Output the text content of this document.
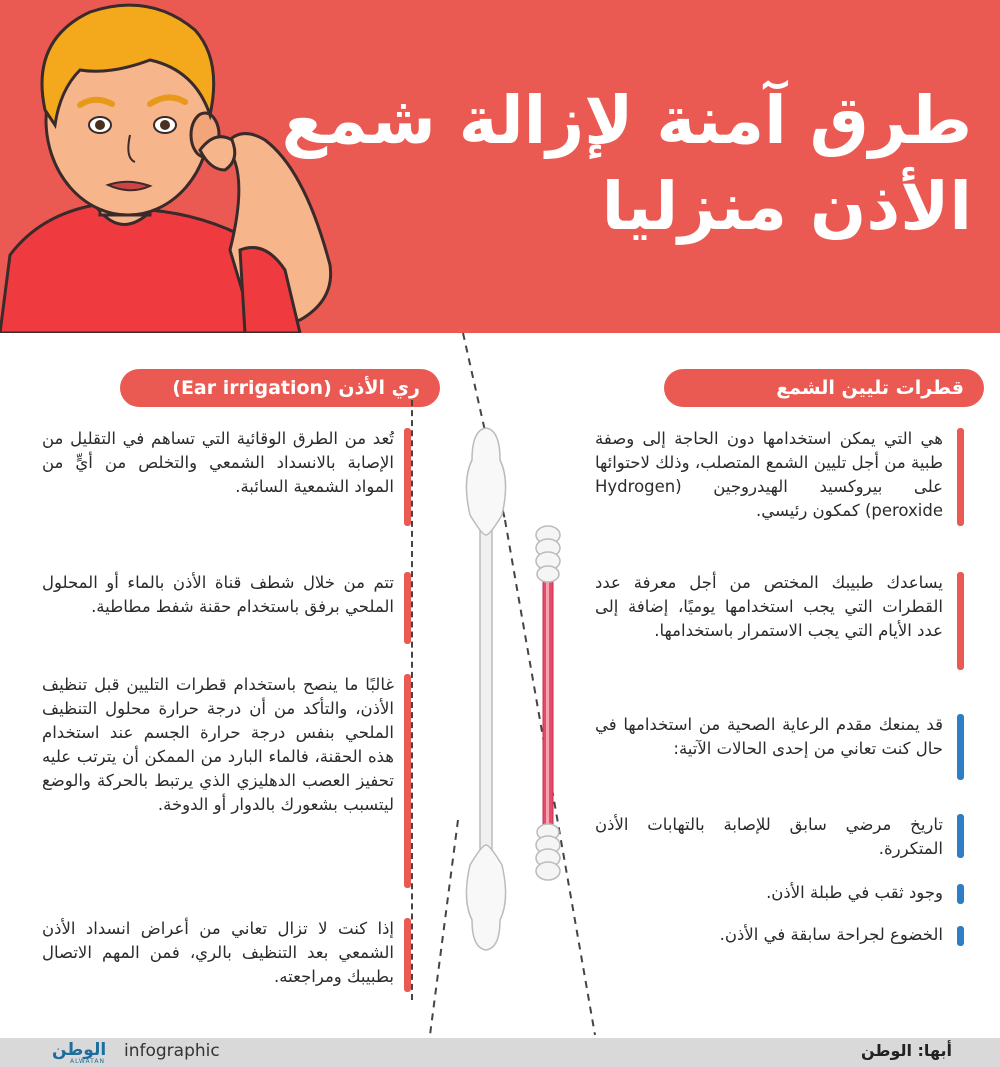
طرق آمنة لإزالة شمع
الأذن منزليا
قطرات تليين الشمع
ري الأذن (Ear irrigation)
هي التي يمكن استخدامها دون الحاجة إلى وصفة طبية من أجل تليين الشمع المتصلب، وذلك لاحتوائها على بيروكسيد الهيدروجين (Hydrogen peroxide) كمكون رئيسي.
يساعدك طبيبك المختص من أجل معرفة عدد القطرات التي يجب استخدامها يوميًا، إضافة إلى عدد الأيام التي يجب الاستمرار باستخدامها.
قد يمنعك مقدم الرعاية الصحية من استخدامها في حال كنت تعاني من إحدى الحالات الآتية:
تاريخ مرضي سابق للإصابة بالتهابات الأذن المتكررة.
وجود ثقب في طبلة الأذن.
الخضوع لجراحة سابقة في الأذن.
تُعد من الطرق الوقائية التي تساهم في التقليل من الإصابة بالانسداد الشمعي والتخلص من أيٍّ من المواد الشمعية السائبة.
تتم من خلال شطف قناة الأذن بالماء أو المحلول الملحي برفق باستخدام حقنة شفط مطاطية.
غالبًا ما ينصح باستخدام قطرات التليين قبل تنظيف الأذن، والتأكد من أن درجة حرارة محلول التنظيف الملحي بنفس درجة حرارة الجسم عند استخدام هذه الحقنة، فالماء البارد من الممكن أن يترتب عليه تحفيز العصب الدهليزي الذي يرتبط بالحركة والوضع ليتسبب بشعورك بالدوار أو الدوخة.
إذا كنت لا تزال تعاني من أعراض انسداد الأذن الشمعي بعد التنظيف بالري، فمن المهم الاتصال بطبيبك ومراجعته.
أبها: الوطن
الوطن
ALWATAN
infographic
